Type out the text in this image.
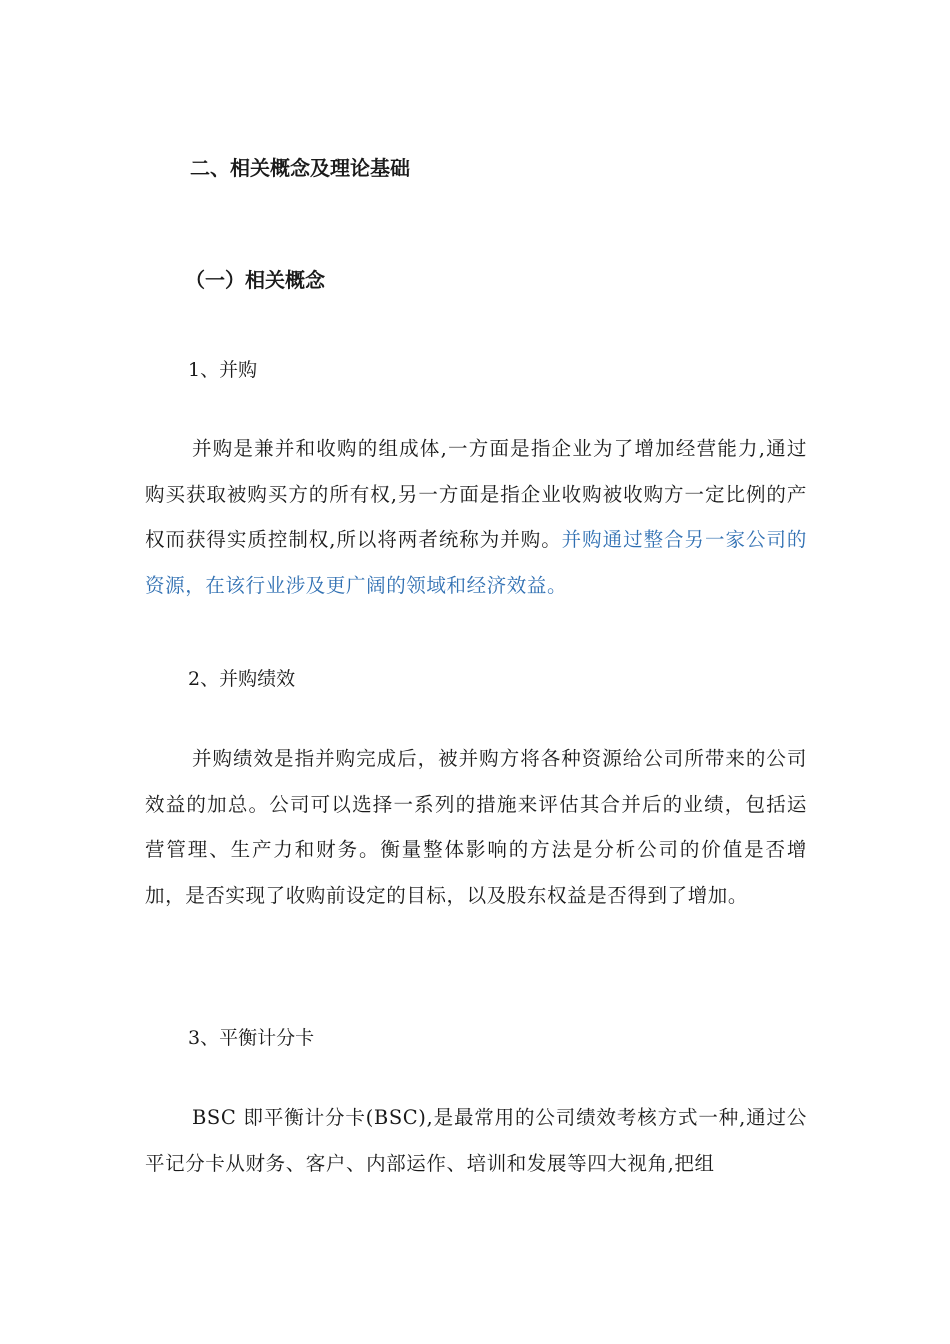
二、相关概念及理论基础
（一）相关概念
1、并购

并购是兼并和收购的组成体,一方面是指企业为了增加经营能力,通过购买获取被购买方的所有权,另一方面是指企业收购被收购方一定比例的产权而获得实质控制权,所以将两者统称为并购。并购通过整合另一家公司的资源，在该行业涉及更广阔的领域和经济效益。

2、并购绩效

并购绩效是指并购完成后，被并购方将各种资源给公司所带来的公司效益的加总。公司可以选择一系列的措施来评估其合并后的业绩，包括运营管理、生产力和财务。衡量整体影响的方法是分析公司的价值是否增加，是否实现了收购前设定的目标，以及股东权益是否得到了增加。

3、平衡计分卡

BSC 即平衡计分卡(BSC),是最常用的公司绩效考核方式一种,通过公平记分卡从财务、客户、内部运作、培训和发展等四大视角,把组
